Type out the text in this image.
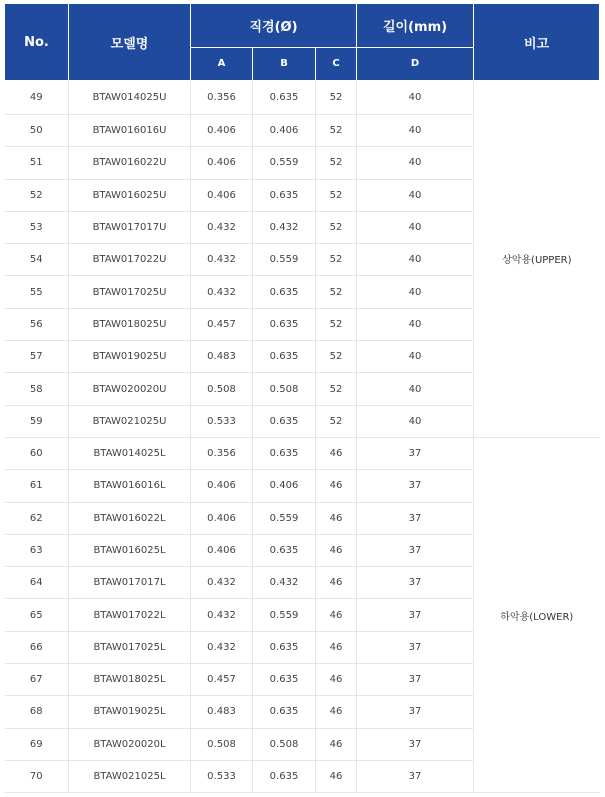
No.	모델명	직경(Ø)			길이(mm)	비고
		A	B	C	D	
49	BTAW014025U	0.356	0.635	52	40	상악용(UPPER)
50	BTAW016016U	0.406	0.406	52	40	
51	BTAW016022U	0.406	0.559	52	40	
52	BTAW016025U	0.406	0.635	52	40	
53	BTAW017017U	0.432	0.432	52	40	
54	BTAW017022U	0.432	0.559	52	40	
55	BTAW017025U	0.432	0.635	52	40	
56	BTAW018025U	0.457	0.635	52	40	
57	BTAW019025U	0.483	0.635	52	40	
58	BTAW020020U	0.508	0.508	52	40	
59	BTAW021025U	0.533	0.635	52	40	
60	BTAW014025L	0.356	0.635	46	37	하악용(LOWER)
61	BTAW016016L	0.406	0.406	46	37	
62	BTAW016022L	0.406	0.559	46	37	
63	BTAW016025L	0.406	0.635	46	37	
64	BTAW017017L	0.432	0.432	46	37	
65	BTAW017022L	0.432	0.559	46	37	
66	BTAW017025L	0.432	0.635	46	37	
67	BTAW018025L	0.457	0.635	46	37	
68	BTAW019025L	0.483	0.635	46	37	
69	BTAW020020L	0.508	0.508	46	37	
70	BTAW021025L	0.533	0.635	46	37	
